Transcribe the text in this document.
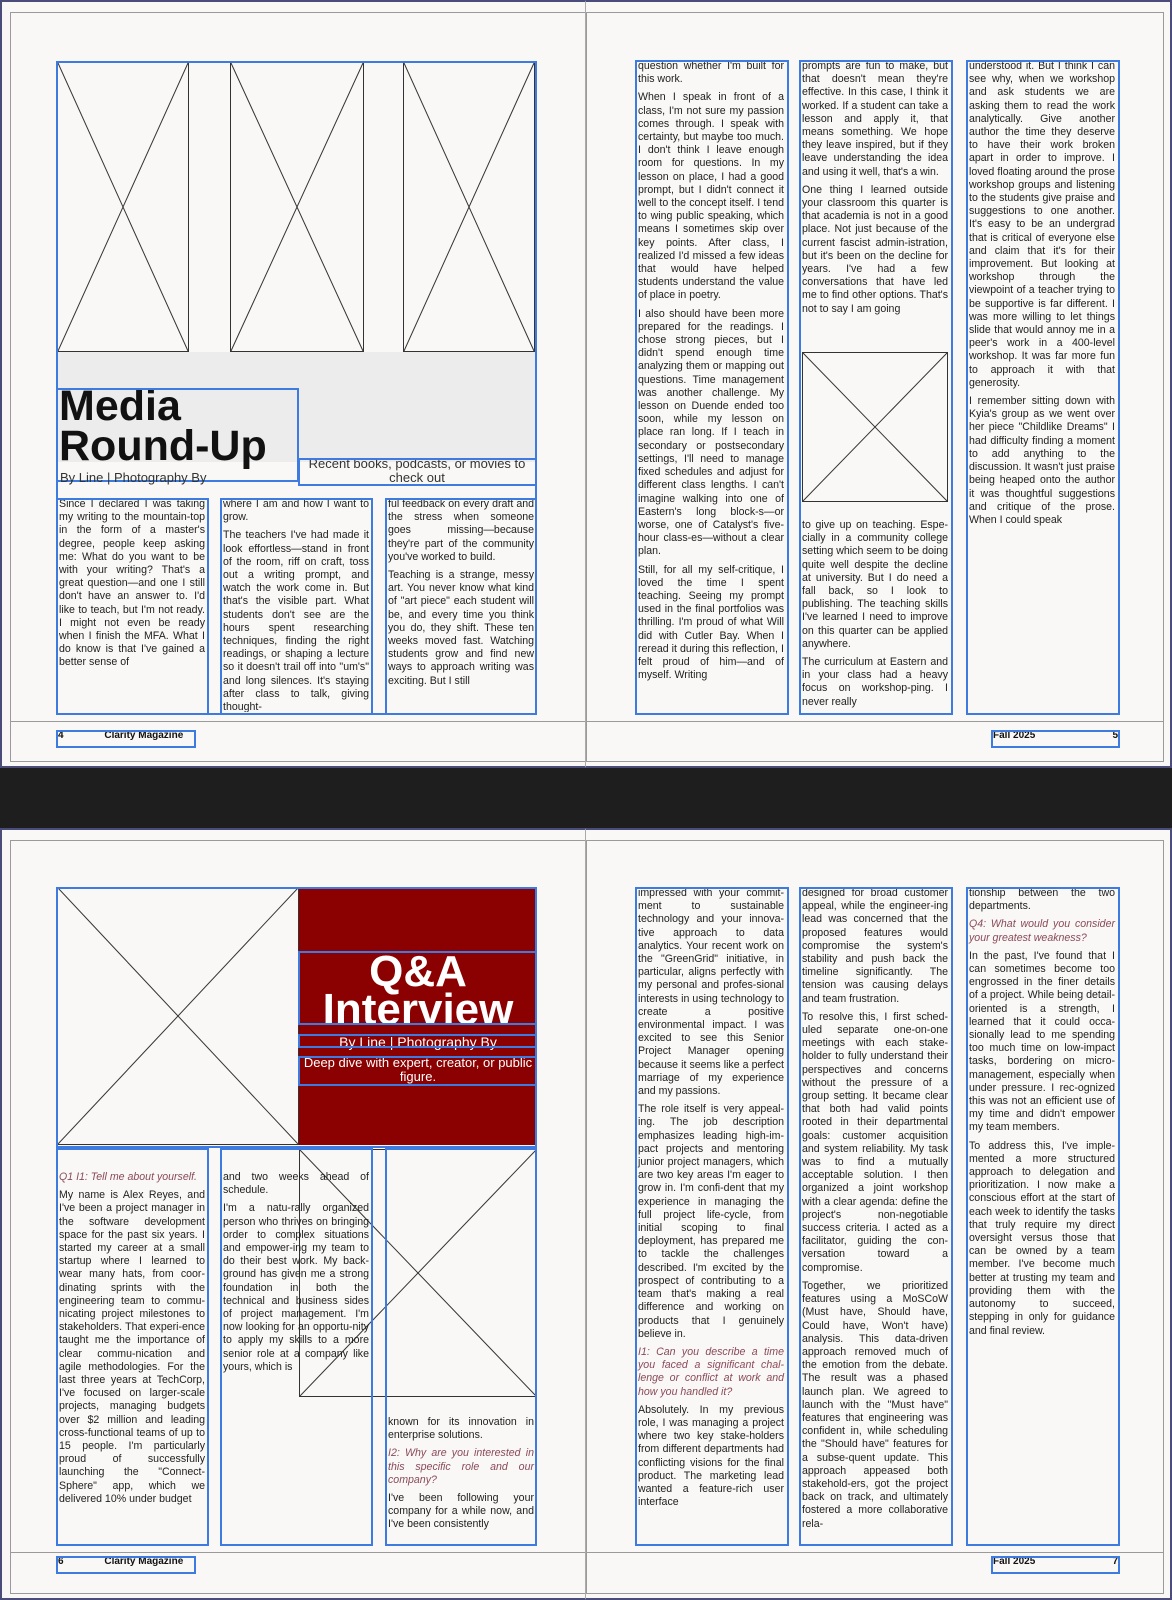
Media
Round-Up
By Line | Photography By
Recent books, podcasts, or movies to check out

Since I declared I was taking my writing to the mountain-top in the form of a master's degree, people keep asking me: What do you want to be with your writing? That's a great question—and one I still don't have an answer to. I'd like to teach, but I'm not ready. I might not even be ready when I finish the MFA. What I do know is that I've gained a better sense of

where I am and how I want to grow.

The teachers I've had made it look effortless—stand in front of the room, riff on craft, toss out a writing prompt, and watch the work come in. But that's the visible part. What students don't see are the hours spent researching techniques, finding the right readings, or shaping a lecture so it doesn't trail off into "um's" and long silences. It's staying after class to talk, giving thought-

ful feedback on every draft and the stress when someone goes missing—because they're part of the community you've worked to build.

Teaching is a strange, messy art. You never know what kind of "art piece" each student will be, and every time you think you do, they shift. These ten weeks moved fast. Watching students grow and find new ways to approach writing was exciting. But I still

4	Clarity Magazine

question whether I'm built for this work.

When I speak in front of a class, I'm not sure my passion comes through. I speak with certainty, but maybe too much. I don't think I leave enough room for questions. In my lesson on place, I had a good prompt, but I didn't connect it well to the concept itself. I tend to wing public speaking, which means I sometimes skip over key points. After class, I realized I'd missed a few ideas that would have helped students understand the value of place in poetry.

I also should have been more prepared for the readings. I chose strong pieces, but I didn't spend enough time analyzing them or mapping out questions. Time management was another challenge. My lesson on Duende ended too soon, while my lesson on place ran long. If I teach in secondary or postsecondary settings, I'll need to manage fixed schedules and adjust for different class lengths. I can't imagine walking into one of Eastern's long block-s—or worse, one of Catalyst's five-hour class-es—without a clear plan.

Still, for all my self-critique, I loved the time I spent teaching. Seeing my prompt used in the final portfolios was thrilling. I'm proud of what Will did with Cutler Bay. When I reread it during this reflection, I felt proud of him—and of myself. Writing

prompts are fun to make, but that doesn't mean they're effective. In this case, I think it worked. If a student can take a lesson and apply it, that means something. We hope they leave inspired, but if they leave understanding the idea and using it well, that's a win.

One thing I learned outside your classroom this quarter is that academia is not in a good place. Not just because of the current fascist admin-istration, but it's been on the decline for years. I've had a few conversations that have led me to find other options. That's not to say I am going

to give up on teaching. Espe-cially in a community college setting which seem to be doing quite well despite the decline at university. But I do need a fall back, so I look to publishing. The teaching skills I've learned I need to improve on this quarter can be applied anywhere.

The curriculum at Eastern and in your class had a heavy focus on workshop-ping. I never really

understood it. But I think I can see why, when we workshop and ask students we are asking them to read the work analytically. Give another author the time they deserve to have their work broken apart in order to improve. I loved floating around the prose workshop groups and listening to the students give praise and suggestions to one another. It's easy to be an undergrad that is critical of everyone else and claim that it's for their improvement. But looking at workshop through the viewpoint of a teacher trying to be supportive is far different. I was more willing to let things slide that would annoy me in a peer's work in a 400-level workshop. It was far more fun to approach it with that generosity.

I remember sitting down with Kyia's group as we went over her piece "Childlike Dreams" I had difficulty finding a moment to add anything to the discussion. It wasn't just praise being heaped onto the author it was thoughtful suggestions and critique of the prose. When I could speak

Fall 2025	5
Q&A
Interview
By Line | Photography By
Deep dive with expert, creator, or public figure.

Q1 I1: Tell me about yourself.

My name is Alex Reyes, and I've been a project manager in the software development space for the past six years. I started my career at a small startup where I learned to wear many hats, from coor-dinating sprints with the engineering team to commu-nicating project milestones to stakeholders. That experi-ence taught me the importance of clear commu-nication and agile methodologies. For the last three years at TechCorp, I've focused on larger-scale projects, managing budgets over $2 million and leading cross-functional teams of up to 15 people. I'm particularly proud of successfully launching the "Connect-Sphere" app, which we delivered 10% under budget

and two weeks ahead of schedule.

I'm a natu-rally organized person who thrives on bringing order to complex situations and empower-ing my team to do their best work. My back-ground has given me a strong foundation in both the technical and business sides of project management. I'm now looking for an opportu-nity to apply my skills to a more senior role at a company like yours, which is

known for its innovation in enterprise solutions.

I2: Why are you interested in this specific role and our company?

I've been following your company for a while now, and I've been consistently

6	Clarity Magazine

impressed with your commit-ment to sustainable technology and your innova-tive approach to data analytics. Your recent work on the "GreenGrid" initiative, in particular, aligns perfectly with my personal and profes-sional interests in using technology to create a positive environmental impact. I was excited to see this Senior Project Manager opening because it seems like a perfect marriage of my experience and my passions.

The role itself is very appeal-ing. The job description emphasizes leading high-im-pact projects and mentoring junior project managers, which are two key areas I'm eager to grow in. I'm confi-dent that my experience in managing the full project life-cycle, from initial scoping to final deployment, has prepared me to tackle the challenges described. I'm excited by the prospect of contributing to a team that's making a real difference and working on products that I genuinely believe in.

I1: Can you describe a time you faced a significant chal-lenge or conflict at work and how you handled it?

Absolutely. In my previous role, I was managing a project where two key stake-holders from different departments had conflicting visions for the final product. The marketing lead wanted a feature-rich user interface

designed for broad customer appeal, while the engineer-ing lead was concerned that the proposed features would compromise the system's stability and push back the timeline significantly. The tension was causing delays and team frustration.

To resolve this, I first sched-uled separate one-on-one meetings with each stake-holder to fully understand their perspectives and concerns without the pressure of a group setting. It became clear that both had valid points rooted in their departmental goals: customer acquisition and system reliability. My task was to find a mutually acceptable solution. I then organized a joint workshop with a clear agenda: define the project's non-negotiable success criteria. I acted as a facilitator, guiding the con-versation toward a compromise.

Together, we prioritized features using a MoSCoW (Must have, Should have, Could have, Won't have) analysis. This data-driven approach removed much of the emotion from the debate. The result was a phased launch plan. We agreed to launch with the "Must have" features that engineering was confident in, while scheduling the "Should have" features for a subse-quent update. This approach appeased both stakehold-ers, got the project back on track, and ultimately fostered a more collaborative rela-

tionship between the two departments.

Q4: What would you consider your greatest weakness?

In the past, I've found that I can sometimes become too engrossed in the finer details of a project. While being detail-oriented is a strength, I learned that it could occa-sionally lead to me spending too much time on low-impact tasks, bordering on micro-management, especially when under pressure. I rec-ognized this was not an efficient use of my time and didn't empower my team members.

To address this, I've imple-mented a more structured approach to delegation and prioritization. I now make a conscious effort at the start of each week to identify the tasks that truly require my direct oversight versus those that can be owned by a team member. I've become much better at trusting my team and providing them with the autonomy to succeed, stepping in only for guidance and final review.

Fall 2025	7
